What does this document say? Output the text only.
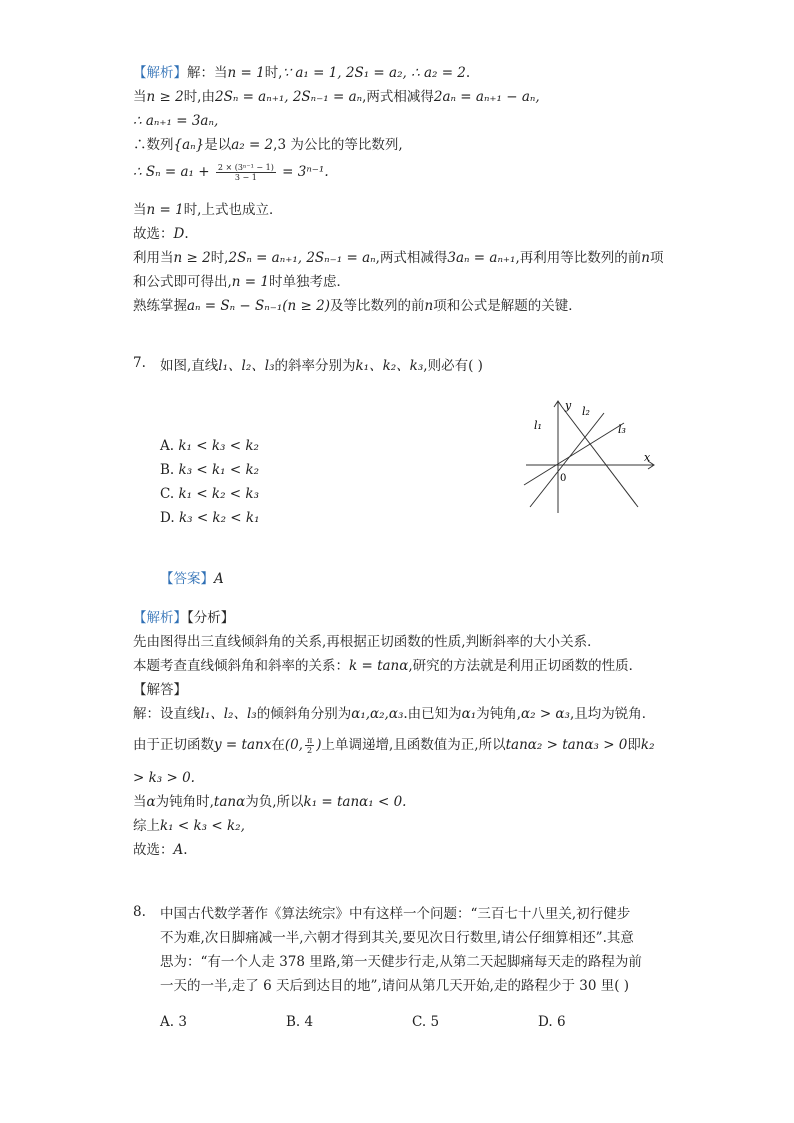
【解析】解：当n = 1时,∵ a₁ = 1, 2S₁ = a₂, ∴ a₂ = 2.
当n ≥ 2时,由2Sₙ = aₙ₊₁, 2Sₙ₋₁ = aₙ,两式相减得2aₙ = aₙ₊₁ − aₙ,
∴ aₙ₊₁ = 3aₙ,
∴数列{aₙ}是以a₂ = 2,3 为公比的等比数列,
∴ $S_n = a_1 + \frac{\text{2 × (3ⁿ⁻¹ − 1)}}{3 - 1} = 3^{n-1}$.
当n = 1时,上式也成立．
故选：D.
利用当n ≥ 2时,2Sₙ = aₙ₊₁, 2Sₙ₋₁ = aₙ,两式相减得3aₙ = aₙ₊₁,再利用等比数列的前n项
和公式即可得出,n = 1时单独考虑．
熟练掌握aₙ = Sₙ − Sₙ₋₁(n ≥ 2)及等比数列的前n项和公式是解题的关键．
7. 如图,直线l₁、l₂、l₃的斜率分别为k₁、k₂、k₃,则必有( )
A. k₁ < k₃ < k₂
B. k₃ < k₁ < k₂
C. k₁ < k₂ < k₃
D. k₃ < k₂ < k₁
y
x
0
l₁
l₂
l₃
【答案】A
【解析】【分析】
先由图得出三直线倾斜角的关系,再根据正切函数的性质,判断斜率的大小关系．
本题考查直线倾斜角和斜率的关系：k = tanα,研究的方法就是利用正切函数的性质．
【解答】
解：设直线l₁、l₂、l₃的倾斜角分别为α₁,α₂,α₃.由已知为α₁为钝角,α₂ > α₃,且均为锐角．
由于正切函数y = tanx在(0, $\frac{\pi}{2}$ )上单调递增,且函数值为正,所以tanα₂ > tanα₃ > 0即k₂
> k₃ > 0.
当α为钝角时,tanα为负,所以k₁ = tanα₁ < 0.
综上k₁ < k₃ < k₂,
故选：A.
8. 中国古代数学著作《算法统宗》中有这样一个问题：“三百七十八里关,初行健步
不为难,次日脚痛减一半,六朝才得到其关,要见次日行数里,请公仔细算相还”.其意
思为：“有一个人走 378 里路,第一天健步行走,从第二天起脚痛每天走的路程为前
一天的一半,走了 6 天后到达目的地”,请问从第几天开始,走的路程少于 30 里( )
A. 3	B. 4	C. 5	D. 6
